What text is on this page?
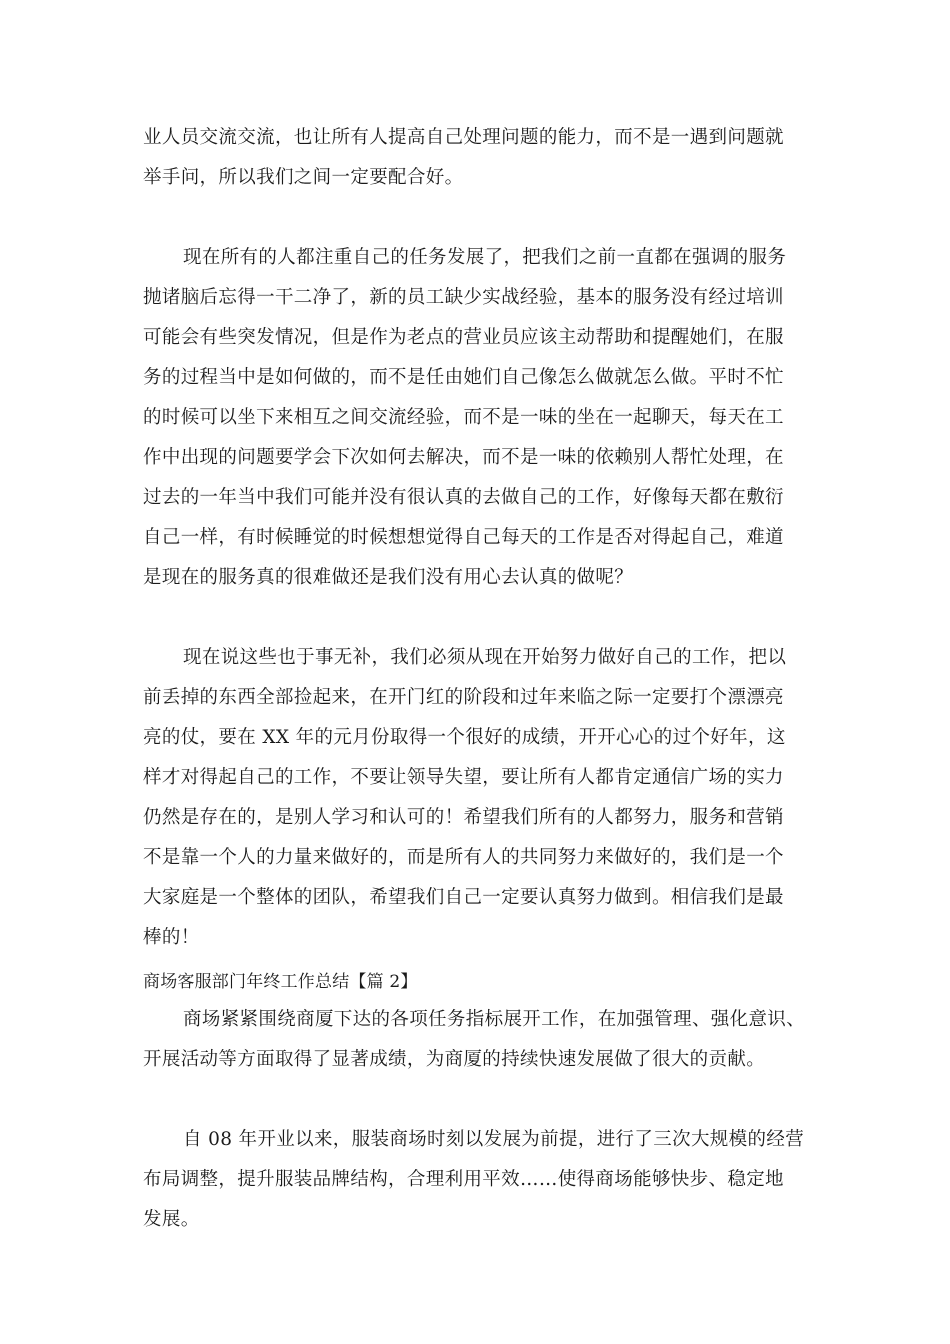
业人员交流交流，也让所有人提高自己处理问题的能力，而不是一遇到问题就
举手问，所以我们之间一定要配合好。
现在所有的人都注重自己的任务发展了，把我们之前一直都在强调的服务
抛诸脑后忘得一干二净了，新的员工缺少实战经验，基本的服务没有经过培训
可能会有些突发情况，但是作为老点的营业员应该主动帮助和提醒她们，在服
务的过程当中是如何做的，而不是任由她们自己像怎么做就怎么做。平时不忙
的时候可以坐下来相互之间交流经验，而不是一味的坐在一起聊天，每天在工
作中出现的问题要学会下次如何去解决，而不是一味的依赖别人帮忙处理，在
过去的一年当中我们可能并没有很认真的去做自己的工作，好像每天都在敷衍
自己一样，有时候睡觉的时候想想觉得自己每天的工作是否对得起自己，难道
是现在的服务真的很难做还是我们没有用心去认真的做呢？
现在说这些也于事无补，我们必须从现在开始努力做好自己的工作，把以
前丢掉的东西全部捡起来，在开门红的阶段和过年来临之际一定要打个漂漂亮
亮的仗，要在 XX 年的元月份取得一个很好的成绩，开开心心的过个好年，这
样才对得起自己的工作，不要让领导失望，要让所有人都肯定通信广场的实力
仍然是存在的，是别人学习和认可的！希望我们所有的人都努力，服务和营销
不是靠一个人的力量来做好的，而是所有人的共同努力来做好的，我们是一个
大家庭是一个整体的团队，希望我们自己一定要认真努力做到。相信我们是最
棒的！
商场客服部门年终工作总结【篇 2】
商场紧紧围绕商厦下达的各项任务指标展开工作，在加强管理、强化意识、
开展活动等方面取得了显著成绩，为商厦的持续快速发展做了很大的贡献。
自 08 年开业以来，服装商场时刻以发展为前提，进行了三次大规模的经营
布局调整，提升服装品牌结构，合理利用平效……使得商场能够快步、稳定地
发展。
